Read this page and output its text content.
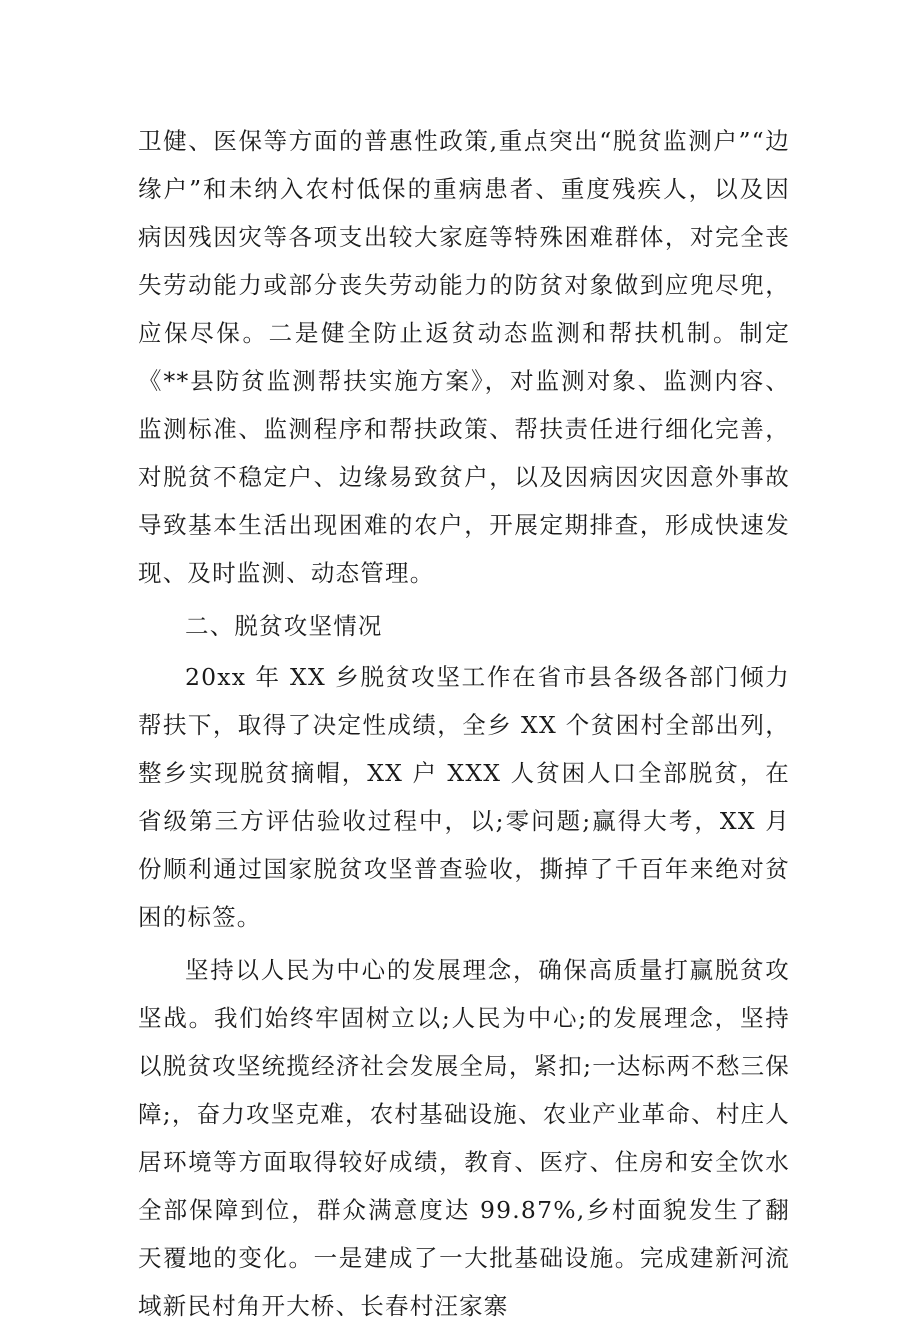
卫健、医保等方面的普惠性政策,重点突出“脱贫监测户”“边缘户”和未纳入农村低保的重病患者、重度残疾人，以及因病因残因灾等各项支出较大家庭等特殊困难群体，对完全丧失劳动能力或部分丧失劳动能力的防贫对象做到应兜尽兜，应保尽保。二是健全防止返贫动态监测和帮扶机制。制定《**县防贫监测帮扶实施方案》，对监测对象、监测内容、监测标准、监测程序和帮扶政策、帮扶责任进行细化完善，对脱贫不稳定户、边缘易致贫户，以及因病因灾因意外事故导致基本生活出现困难的农户，开展定期排查，形成快速发现、及时监测、动态管理。

二、脱贫攻坚情况

20xx 年 XX 乡脱贫攻坚工作在省市县各级各部门倾力帮扶下，取得了决定性成绩，全乡 XX 个贫困村全部出列，整乡实现脱贫摘帽，XX 户 XXX 人贫困人口全部脱贫，在省级第三方评估验收过程中，以;零问题;赢得大考，XX 月份顺利通过国家脱贫攻坚普查验收，撕掉了千百年来绝对贫困的标签。

坚持以人民为中心的发展理念，确保高质量打赢脱贫攻坚战。我们始终牢固树立以;人民为中心;的发展理念，坚持以脱贫攻坚统揽经济社会发展全局，紧扣;一达标两不愁三保障;，奋力攻坚克难，农村基础设施、农业产业革命、村庄人居环境等方面取得较好成绩，教育、医疗、住房和安全饮水全部保障到位，群众满意度达 99.87%,乡村面貌发生了翻天覆地的变化。一是建成了一大批基础设施。完成建新河流域新民村角开大桥、长春村汪家寨
